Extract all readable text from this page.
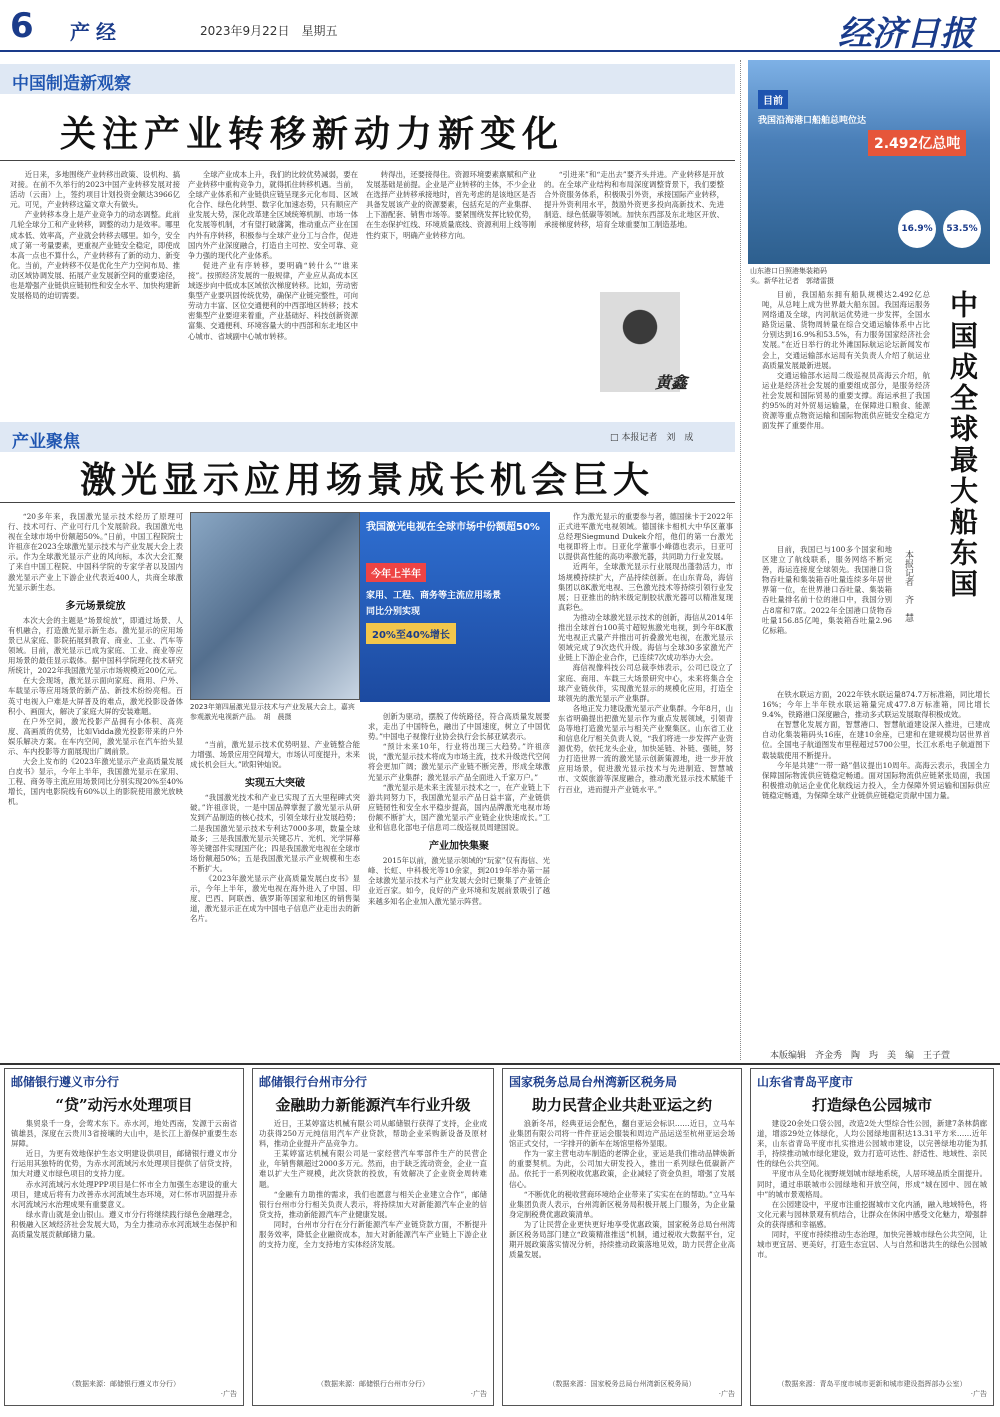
6 产经	2023年9月22日　星期五	经济日报
中国制造新观察
关注产业转移新动力新变化

近日来，多地围绕产业转移出政策、设机构、搞对接。在前不久举行的2023中国产业转移发展对接活动（云南）上，签约项目计划投资金额达3966亿元。可见，产业转移这篇文章大有做头。

产业转移本身上是产业竞争力的动态调整。此前几轮全球分工和产业转移，调整的动力是效率。哪里成本低、效率高，产业就会转移去哪里。如今，安全成了第一考量要素，更重视产业链安全稳定，即使成本高一点也不算什么，产业转移有了新的动力、新变化。当前，产业转移不仅是优化生产力空间布局、推动区域协调发展、拓展产业发展新空间的重要途径，也是增强产业链供应链韧性和安全水平、加快构建新发展格局的迫切需要。

全球产业成本上升，我们的比较优势减弱，要在产业转移中重构竞争力，就得抓住转移机遇。当前，全球产业体系和产业链供应链呈现多元化布局、区域化合作、绿色化转型、数字化加速态势，只有顺应产业发展大势，深化改革建全区域统筹机制、市场一体化发展等机制，才有望打破藩篱，推动重点产业在国内外有序转移，积极参与全球产业分工与合作，促进国内外产业深度融合，打造自主可控、安全可靠、竞争力强的现代化产业体系。

促进产业有序转移，要明确“转什么”“谁来接”。按照经济发展的一般规律，产业应从高成本区域逐步向中低成本区域依次梯度转移。比如，劳动密集型产业要巩固传统优势，确保产业链完整性，可向劳动力丰富、区位交通便利的中西部地区转移；技术密集型产业要迎来着重，产业基础好、科技创新资源富集、交通便利、环境容量大的中西部和东北地区中心城市、省域副中心城市转移。

转得出，还要接得住。资源环境要素禀赋和产业发展基础是前提。企业是产业转移的主体，不少企业在选择产业转移承接地时，首先考虑的是该地区是否具备发展该产业的资源要素，包括充足的产业集群、上下游配套、销售市场等。要紧围绕发挥比较优势，在生态保护红线、环境质量底线、资源利用上线等刚性约束下，明确产业转移方向。

“引进来”和“走出去”要齐头并进。产业转移是开放的。在全球产业结构和布局深度调整背景下，我们要整合外资服务体系，积极吸引外资，承接国际产业转移，提升外资利用水平，鼓励外资更多投向高新技术、先进制造、绿色低碳等领域。加快东西部及东北地区开放、承接梯度转移，培育全球重要加工制造基地。

黄鑫
产业聚焦	□ 本报记者　刘　成
激光显示应用场景成长机会巨大

“20多年来，我国激光显示技术经历了原理可行、技术可行、产业可行几个发展阶段。我国激光电视在全球市场中份额超50%。”日前，中国工程院院士许祖彦在2023全球激光显示技术与产业发展大会上表示。作为全球激光显示产业的风向标，本次大会汇聚了来自中国工程院、中国科学院的专家学者以及国内激光显示产业上下游企业代表近400人，共商全球激光显示新生态。

多元场景绽放

本次大会的主题是“场景绽放”，即通过场景、人有机融合，打造激光显示新生态。激光显示的应用场景已从家庭、影院拓展到教育、商业、工业、汽车等领域。目前，激光显示已成为家庭、工业、商业等应用场景的最佳显示载体。据中国科学院理化技术研究所统计，2022年我国激光显示市场规模近200亿元。

在大会现场，激光显示面向家庭、商用、户外、车载显示等应用场景的新产品、新技术纷纷亮相。百英寸电视入户难是大屏普及的难点，激光投影设备体积小、画面大，解决了家庭大屏的安装难题。

在户外空间，激光投影产品拥有小体积、高亮度、高画质的优势，比如Vidda激光投影带来的户外娱乐解决方案。在车内空间，激光显示在汽车抬头显示、车内投影等方面展现出广阔前景。

大会上发布的《2023年激光显示产业高质量发展白皮书》显示，今年上半年，我国激光显示在家用、工程、商务等主流应用场景同比分别实现20%至40%增长，国内电影院线有60%以上的影院使用激光放映机。

我国激光电视在全球市场中份额超50%
今年上半年
家用、工程、商务等主流应用场景
同比分别实现
20%至40%增长
2023年第四届激光显示技术与产业发展大会上，嘉宾参观激光电视新产品。　胡　晨摄

“当前，激光显示技术优势明显、产业链整合能力增强、场景应用空间增大，市场认可度提升，未来成长机会巨大。”欧阳钟灿说。

实现五大突破

“我国激光技术和产业已实现了五大里程碑式突破。”许祖彦说，一是中国品牌掌握了激光显示从研发到产品制造的核心技术，引领全球行业发展趋势；二是我国激光显示技术专利达7000多项，数量全球最多；三是我国激光显示关键芯片、光机、光学屏幕等关键部件实现国产化；四是我国激光电视在全球市场份额超50%；五是我国激光显示产业规模和生态不断扩大。

《2023年激光显示产业高质量发展白皮书》显示，今年上半年，激光电视在海外进入了中国、印度、巴西、阿联酋、俄罗斯等国家和地区的销售渠道，激光显示正在成为中国电子信息产业走出去的新名片。

创新为驱动，摆脱了传统路径，符合高质量发展要求，走出了中国特色，融出了中国速度，树立了中国优势。”中国电子视像行业协会执行会长郝亚斌表示。

“预计未来10年，行业将出现三大趋势。”许祖彦说，“激光显示技术将成为市场主流，技术升级迭代空间将会更加广阔；激光显示产业链不断完善，形成全球激光显示产业集群；激光显示产品全面进入千家万户。”

“激光显示是未来主流显示技术之一，在产业链上下游共同努力下，我国激光显示产品日益丰富，产业链供应链韧性和安全水平稳步提高，国内品牌激光电视市场份额不断扩大，国产激光显示产业链企业快速成长。”工业和信息化部电子信息司二级巡视员周建国说。

产业加快集聚

2015年以前，激光显示领域的“玩家”仅有海信、光峰、长虹、中科极光等10余家，到2019年举办第一届全球激光显示技术与产业发展大会时已聚集了产业链企业近百家。如今，良好的产业环境和发展前景吸引了越来越多知名企业加入激光显示阵营。

作为激光显示的重要参与者，德国徕卡于2022年正式进军激光电视领域。德国徕卡相机大中华区董事总经理Siegmund Dukek介绍，他们的第一台激光电视即将上市。日亚化学董事小峰德也表示，日亚可以提供高性能的高功率激光器，共同助力行业发展。

近两年，全球激光显示行业展现出蓬勃活力，市场规模持续扩大，产品持续创新。在山东青岛，海信集团以8K激光电视、三色激光技术等持续引领行业发展；日亚推出的纳米级定制胶状激光器可以精准复现真彩色。

为推动全球激光显示技术的创新，海信从2014年推出全球首台100英寸超短焦激光电视，到今年8K激光电视正式量产并推出可折叠激光电视，在激光显示领域完成了9次迭代升级。海信与全球30多家激光产业链上下游企业合作，已连续7次成功举办大会。

海信视像科技公司总裁李炜表示，公司已设立了家庭、商用、车载三大场景研究中心，未来将集合全球产业链伙伴，实现激光显示的规模化应用，打造全球领先的激光显示产业集群。

各地正发力建设激光显示产业集群。今年8月，山东省明确提出把激光显示作为重点发展领域，引领青岛等地打造激光显示与相关产业聚集区。山东省工业和信息化厅相关负责人说，“我们将进一步发挥产业资源优势，依托龙头企业，加快延链、补链、强链，努力打造世界一流的激光显示创新策源地，进一步开放应用场景，促进激光显示技术与先进制造、智慧城市、文娱旅游等深度融合，推动激光显示技术赋能千行百业，进而提升产业链水平。”

目前
我国沿海港口船舶总吨位达
2.492亿总吨
16.9%	53.5%
山东港口日照港集装箱码头。新华社记者　郭绪雷摄

目前，我国船东拥有船队规模达2.492亿总吨，从总吨上成为世界最大船东国。我国海运服务网络通及全球，内河航运优势进一步发挥，全国水路货运量、货物周转量在综合交通运输体系中占比分别达到16.9%和53.5%，有力服务国家经济社会发展。”在近日举行的北外滩国际航运论坛新闻发布会上，交通运输部水运局有关负责人介绍了航运业高质量发展最新进展。

交通运输部水运局二级巡视员高海云介绍，航运业是经济社会发展的重要组成部分，是服务经济社会发展和国际贸易的重要支撑。海运承担了我国约95%的对外贸易运输量，在保障进口粮食、能源资源等重点物资运输和国际物流供应链安全稳定方面发挥了重要作用。	中国成全球最大船东国
本报记者　齐　慧

目前，我国已与100多个国家和地区建立了航线联系，服务网络不断完善，海运连接度全球领先。我国港口货物吞吐量和集装箱吞吐量连续多年居世界第一位，在世界港口吞吐量、集装箱吞吐量排名前十位的港口中，我国分别占8席和7席。2022年全国港口货物吞吐量156.85亿吨，集装箱吞吐量2.96亿标箱。

在铁水联运方面，2022年铁水联运量874.7万标准箱，同比增长16%；今年上半年铁水联运箱量完成477.8万标准箱，同比增长9.4%，铁路港口深度融合，推动多式联运发展取得积极成效。

在智慧化发展方面，智慧港口、智慧航道建设深入推进，已建成自动化集装箱码头16座，在建10余座，已建和在建规模均居世界首位。全国电子航道图发布里程超过5700公里，长江水系电子航道图下载装载使用不断提升。

今年是共建“一带一路”倡议提出10周年。高海云表示，我国全力保障国际物流供应链稳定畅通。面对国际物流供应链紧张局面，我国积极推动航运企业优化航线运力投入，全力保障外贸运输和国际供应链稳定畅通，为保障全球产业链供应链稳定贡献中国力量。

本版编辑　齐金秀　陶　玙　美　编　王子萱
邮储银行遵义市分行
“贷”动污水处理项目

集贸泉千一身，会莺术东下。赤水河，地处西南，发源于云南省镇雄县，深度在云贵川3省接壤的大山中，是长江上游保护重要生态屏障。

近日，为更有效地保护生态文明建设供项目，邮储银行遵义市分行运用其独特的优势，为赤水河流域污水处理项目提供了信贷支持，加大对遵义市绿色项目的支持力度。

赤水河流域污水处理PPP项目是仁怀市全力加强生态建设的重大项目，建成后将有力改善赤水河流域生态环境，对仁怀市巩固提升赤水河流域污水治理成果有重要意义。

绿水青山就是金山银山。遵义市分行将继续践行绿色金融理念，积极融入区域经济社会发展大局，为全力推动赤水河流域生态保护和高质量发展贡献邮储力量。

（数据来源：邮储银行遵义市分行）
·广告
邮储银行台州市分行
金融助力新能源汽车行业升级

近日，王某婷富达机械有限公司从邮储银行获得了支持，企业成功获得250万元纯信用汽车产业贷款，帮助企业采购新设备及原材料，推动企业提升产品竞争力。

王某婷富达机械有限公司是一家经营汽车零部件生产的民营企业，年销售额超过2000多万元。然而，由于缺乏流动资金，企业一直难以扩大生产规模，此次贷款的投放，有效解决了企业资金周转难题。

“金融有力助推的需求，我们也愿意与相关企业建立合作”，邮储银行台州市分行相关负责人表示，将持续加大对新能源汽车企业的信贷支持，推动新能源汽车产业健康发展。

同时，台州市分行在分行新能源汽车产业链贷款方面，不断提升服务效率，降低企业融资成本，加大对新能源汽车产业链上下游企业的支持力度，全力支持地方实体经济发展。

（数据来源：邮储银行台州市分行）
·广告
国家税务总局台州湾新区税务局
助力民营企业共赴亚运之约

浪新冬吊，经典亚运会配色，翻自亚运会标识……近日，立马车业集团有限公司将一件件亚运会服装和周边产品运送至杭州亚运会场馆正式交付，一字排开的新车在场馆里格外显眼。

作为一家主营电动车制造的老牌企业，亚运是我们推动品牌焕新的重要契机。为此，公司加大研发投入，推出一系列绿色低碳新产品。依托于一系列税收优惠政策，企业减轻了资金负担，增强了发展信心。

“不断优化的税收营商环境给企业带来了实实在在的帮助。”立马车业集团负责人表示，台州湾新区税务局积极开展上门服务，为企业量身定制税费优惠政策清单。

为了让民营企业更快更好地享受优惠政策，国家税务总局台州湾新区税务局部门建立“政策精准推送”机制，通过税收大数据平台，定期开展政策落实情况分析，持续推动政策落地见效，助力民营企业高质量发展。

（数据来源：国家税务总局台州湾新区税务局）
·广告
山东省青岛平度市
打造绿色公园城市

建设20余处口袋公园，改造2处大型综合性公园，新建7条林荫廊道，增添29处立体绿化，人均公园绿地面积达13.31平方米……近年来，山东省青岛平度市扎实推进公园城市建设，以完善绿地功能为抓手，持续推动城市绿化建设，致力打造可达性、舒适性、地域性、亲民性的绿色公共空间。

平度市从全局化视野规划城市绿地系统，人居环境品质全面提升。同时，通过串联城市公园绿地和开放空间，形成“城在园中、园在城中”的城市景观格局。

在公园建设中，平度市注重挖掘城市文化内涵，融入地域特色，将文化元素与园林景观有机结合，让群众在休闲中感受文化魅力，增强群众的获得感和幸福感。

同时，平度市持续推动生态治理，加快完善城市绿色公共空间，让城市更宜居、更美好，打造生态宜居、人与自然和谐共生的绿色公园城市。

（数据来源：青岛平度市城市更新和城市建设指挥部办公室）
·广告
